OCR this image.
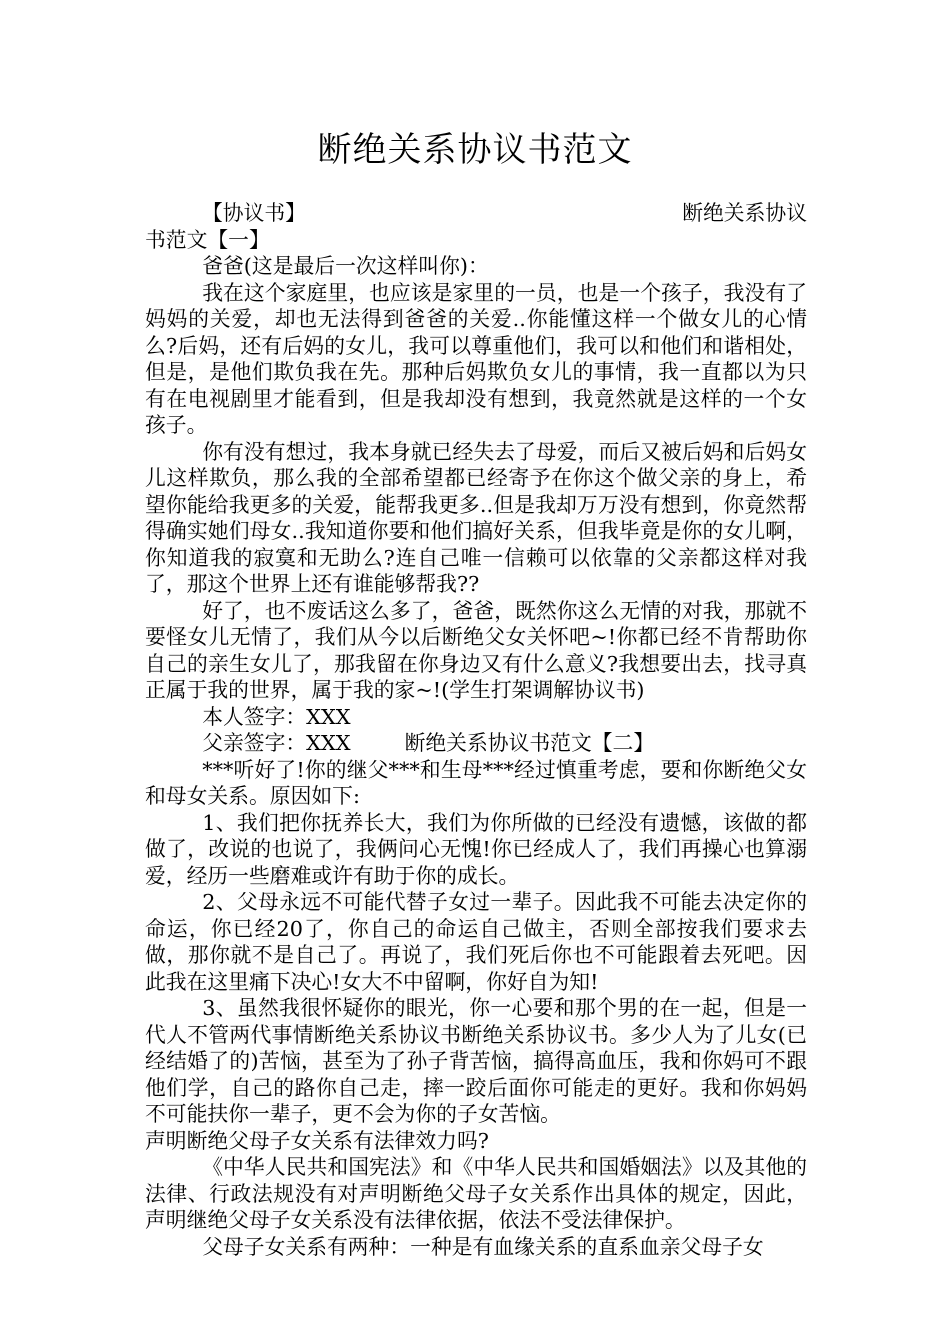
断绝关系协议书范文
【协议书】	断绝关系协议

书范文【一】

爸爸(这是最后一次这样叫你)：

我在这个家庭里，也应该是家里的一员，也是一个孩子，我没有了妈妈的关爱，却也无法得到爸爸的关爱..你能懂这样一个做女儿的心情么?后妈，还有后妈的女儿，我可以尊重他们，我可以和他们和谐相处，但是，是他们欺负我在先。那种后妈欺负女儿的事情，我一直都以为只有在电视剧里才能看到，但是我却没有想到，我竟然就是这样的一个女孩子。

你有没有想过，我本身就已经失去了母爱，而后又被后妈和后妈女儿这样欺负，那么我的全部希望都已经寄予在你这个做父亲的身上，希望你能给我更多的关爱，能帮我更多..但是我却万万没有想到，你竟然帮得确实她们母女..我知道你要和他们搞好关系，但我毕竟是你的女儿啊，你知道我的寂寞和无助么?连自己唯一信赖可以依靠的父亲都这样对我了，那这个世界上还有谁能够帮我??

好了，也不废话这么多了，爸爸，既然你这么无情的对我，那就不要怪女儿无情了，我们从今以后断绝父女关怀吧~!你都已经不肯帮助你自己的亲生女儿了，那我留在你身边又有什么意义?我想要出去，找寻真正属于我的世界，属于我的家~!(学生打架调解协议书)

本人签字：XXX

父亲签字：XXX	断绝关系协议书范文【二】

***听好了!你的继父***和生母***经过慎重考虑，要和你断绝父女和母女关系。原因如下:

1、我们把你抚养长大，我们为你所做的已经没有遗憾，该做的都做了，改说的也说了，我俩问心无愧!你已经成人了，我们再操心也算溺爱，经历一些磨难或许有助于你的成长。

2、父母永远不可能代替子女过一辈子。因此我不可能去决定你的命运，你已经20了，你自己的命运自己做主，否则全部按我们要求去做，那你就不是自己了。再说了，我们死后你也不可能跟着去死吧。因此我在这里痛下决心!女大不中留啊，你好自为知!

3、虽然我很怀疑你的眼光，你一心要和那个男的在一起，但是一代人不管两代事情断绝关系协议书断绝关系协议书。多少人为了儿女(已经结婚了的)苦恼，甚至为了孙子背苦恼，搞得高血压，我和你妈可不跟他们学，自己的路你自己走，摔一跤后面你可能走的更好。我和你妈妈不可能扶你一辈子，更不会为你的子女苦恼。

声明断绝父母子女关系有法律效力吗?

《中华人民共和国宪法》和《中华人民共和国婚姻法》以及其他的法律、行政法规没有对声明断绝父母子女关系作出具体的规定，因此，声明继绝父母子女关系没有法律依据，依法不受法律保护。

父母子女关系有两种：一种是有血缘关系的直系血亲父母子女
